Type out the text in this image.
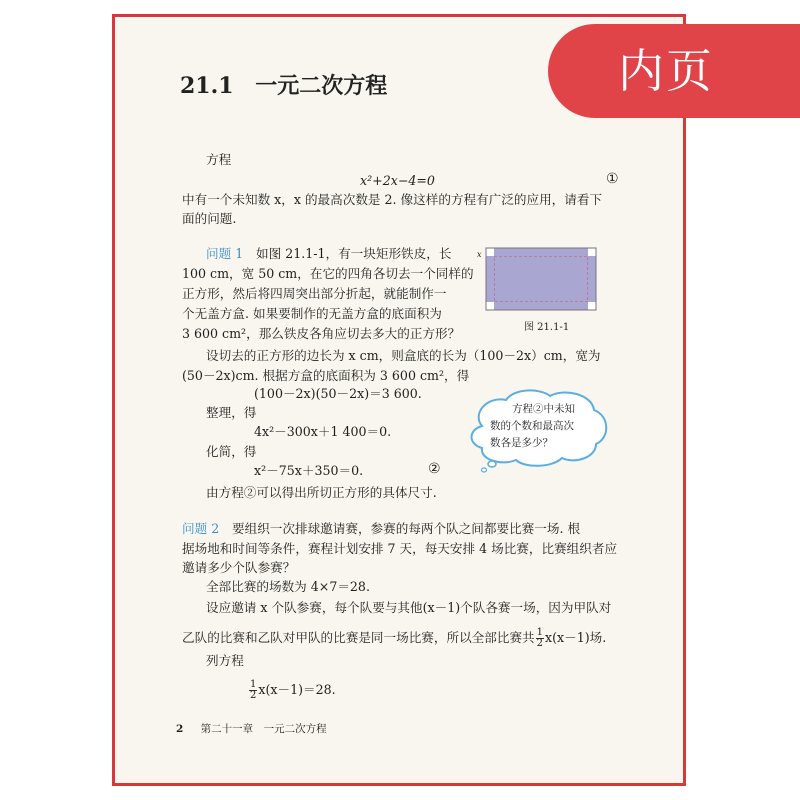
内页
21.1 一元二次方程
方程
x²+2x−4=0	①
中有一个未知数 x，x 的最高次数是 2. 像这样的方程有广泛的应用，请看下
面的问题.
问题 1 如图 21.1-1，有一块矩形铁皮，长
100 cm，宽 50 cm，在它的四角各切去一个同样的
正方形，然后将四周突出部分折起，就能制作一
个无盖方盒. 如果要制作的无盖方盒的底面积为
3 600 cm²，那么铁皮各角应切去多大的正方形？
x
图 21.1-1
设切去的正方形的边长为 x cm，则盒底的长为（100－2x）cm，宽为
(50－2x)cm. 根据方盒的底面积为 3 600 cm²，得
(100－2x)(50－2x)＝3 600.
整理，得
4x²－300x＋1 400＝0.
化简，得
x²－75x＋350＝0.	②
由方程②可以得出所切正方形的具体尺寸.
方程②中未知
数的个数和最高次
数各是多少？
问题 2 要组织一次排球邀请赛，参赛的每两个队之间都要比赛一场. 根
据场地和时间等条件，赛程计划安排 7 天，每天安排 4 场比赛，比赛组织者应
邀请多少个队参赛？
全部比赛的场数为 4×7＝28.
设应邀请 x 个队参赛，每个队要与其他(x－1)个队各赛一场，因为甲队对
乙队的比赛和乙队对甲队的比赛是同一场比赛，所以全部比赛共 $\frac{1}{2} x(x-1)$场.
列方程
$\frac{1}{2} x(x-1)=28$.
2 第二十一章　一元二次方程
